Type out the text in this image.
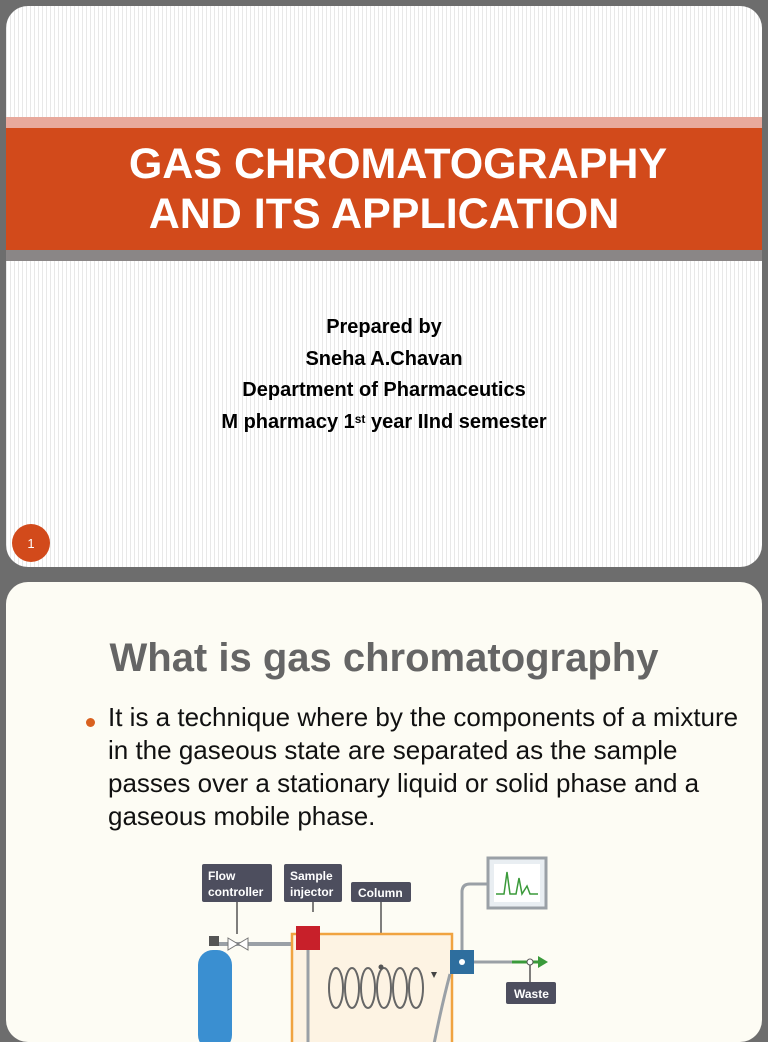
GAS CHROMATOGRAPHY
AND ITS APPLICATION
Prepared by
Sneha A.Chavan
Department of Pharmaceutics
M pharmacy 1st year IInd semester
1
What is gas chromatography
It is a technique where by the components of a mixture in the gaseous state are separated as the sample passes over a stationary liquid or solid phase and a gaseous mobile phase.
Flow
controller
Sample
injector Column
Waste
